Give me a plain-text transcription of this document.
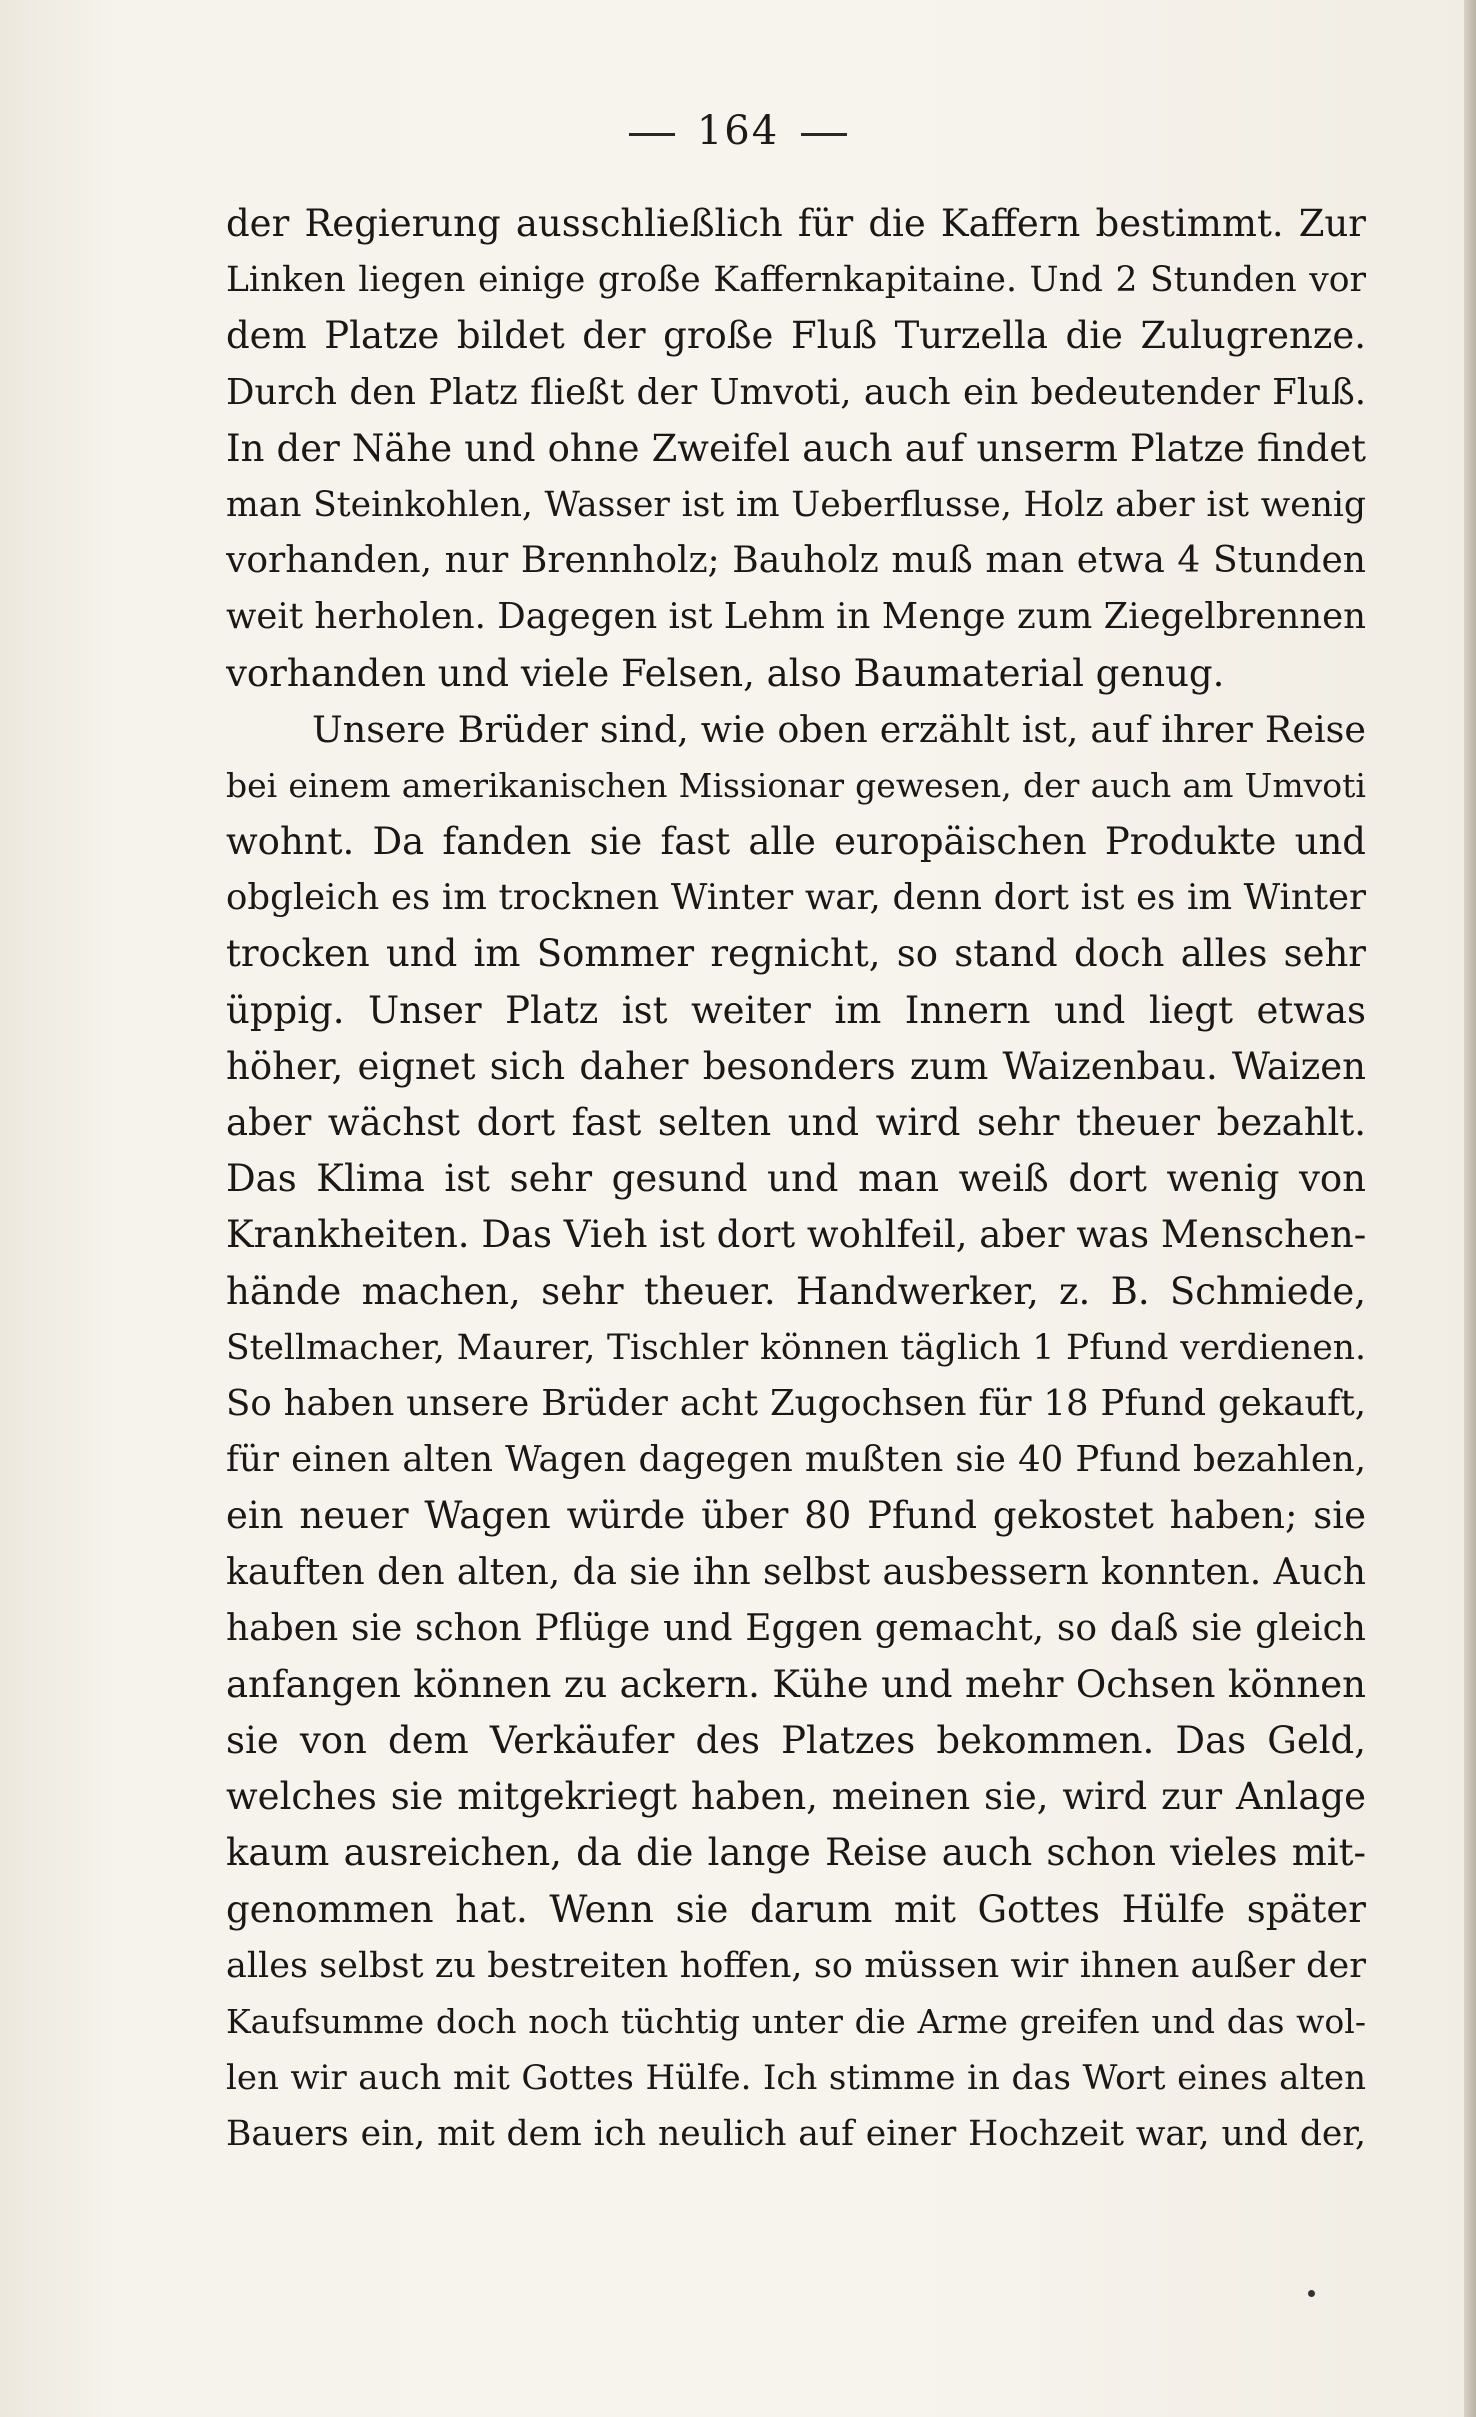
164
der Regierung ausschließlich für die Kaffern bestimmt. Zur
Linken liegen einige große Kaffernkapitaine. Und 2 Stunden vor
dem Platze bildet der große Fluß Turzella die Zulugrenze.
Durch den Platz fließt der Umvoti, auch ein bedeutender Fluß.
In der Nähe und ohne Zweifel auch auf unserm Platze findet
man Steinkohlen, Wasser ist im Ueberflusse, Holz aber ist wenig
vorhanden, nur Brennholz; Bauholz muß man etwa 4 Stunden
weit herholen. Dagegen ist Lehm in Menge zum Ziegelbrennen
vorhanden und viele Felsen, also Baumaterial genug.
Unsere Brüder sind, wie oben erzählt ist, auf ihrer Reise
bei einem amerikanischen Missionar gewesen, der auch am Umvoti
wohnt. Da fanden sie fast alle europäischen Produkte und
obgleich es im trocknen Winter war, denn dort ist es im Winter
trocken und im Sommer regnicht, so stand doch alles sehr
üppig. Unser Platz ist weiter im Innern und liegt etwas
höher, eignet sich daher besonders zum Waizenbau. Waizen
aber wächst dort fast selten und wird sehr theuer bezahlt.
Das Klima ist sehr gesund und man weiß dort wenig von
Krankheiten. Das Vieh ist dort wohlfeil, aber was Menschen-
hände machen, sehr theuer. Handwerker, z. B. Schmiede,
Stellmacher, Maurer, Tischler können täglich 1 Pfund verdienen.
So haben unsere Brüder acht Zugochsen für 18 Pfund gekauft,
für einen alten Wagen dagegen mußten sie 40 Pfund bezahlen,
ein neuer Wagen würde über 80 Pfund gekostet haben; sie
kauften den alten, da sie ihn selbst ausbessern konnten. Auch
haben sie schon Pflüge und Eggen gemacht, so daß sie gleich
anfangen können zu ackern. Kühe und mehr Ochsen können
sie von dem Verkäufer des Platzes bekommen. Das Geld,
welches sie mitgekriegt haben, meinen sie, wird zur Anlage
kaum ausreichen, da die lange Reise auch schon vieles mit-
genommen hat. Wenn sie darum mit Gottes Hülfe später
alles selbst zu bestreiten hoffen, so müssen wir ihnen außer der
Kaufsumme doch noch tüchtig unter die Arme greifen und das wol-
len wir auch mit Gottes Hülfe. Ich stimme in das Wort eines alten
Bauers ein, mit dem ich neulich auf einer Hochzeit war, und der,
